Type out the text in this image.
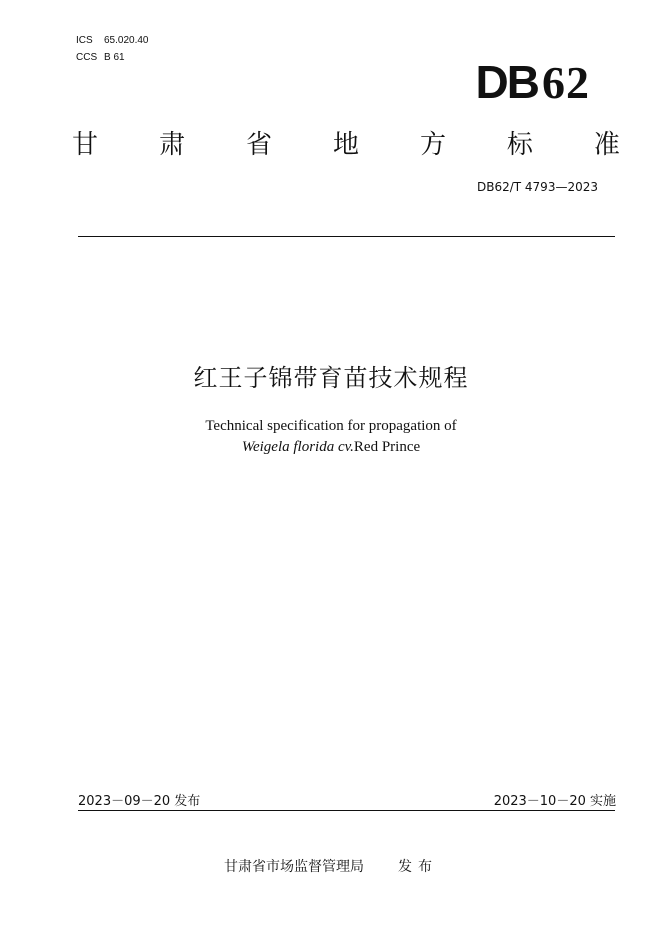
ICS 65.020.40
CCS B 61	DB62
甘 肃 省 地 方 标 准
DB62/T 4793—2023
红王子锦带育苗技术规程
Technical specification for propagation of
Weigela florida cv.Red Prince
2023－09－20 发布	2023－10－20 实施
甘肃省市场监督管理局 发布
